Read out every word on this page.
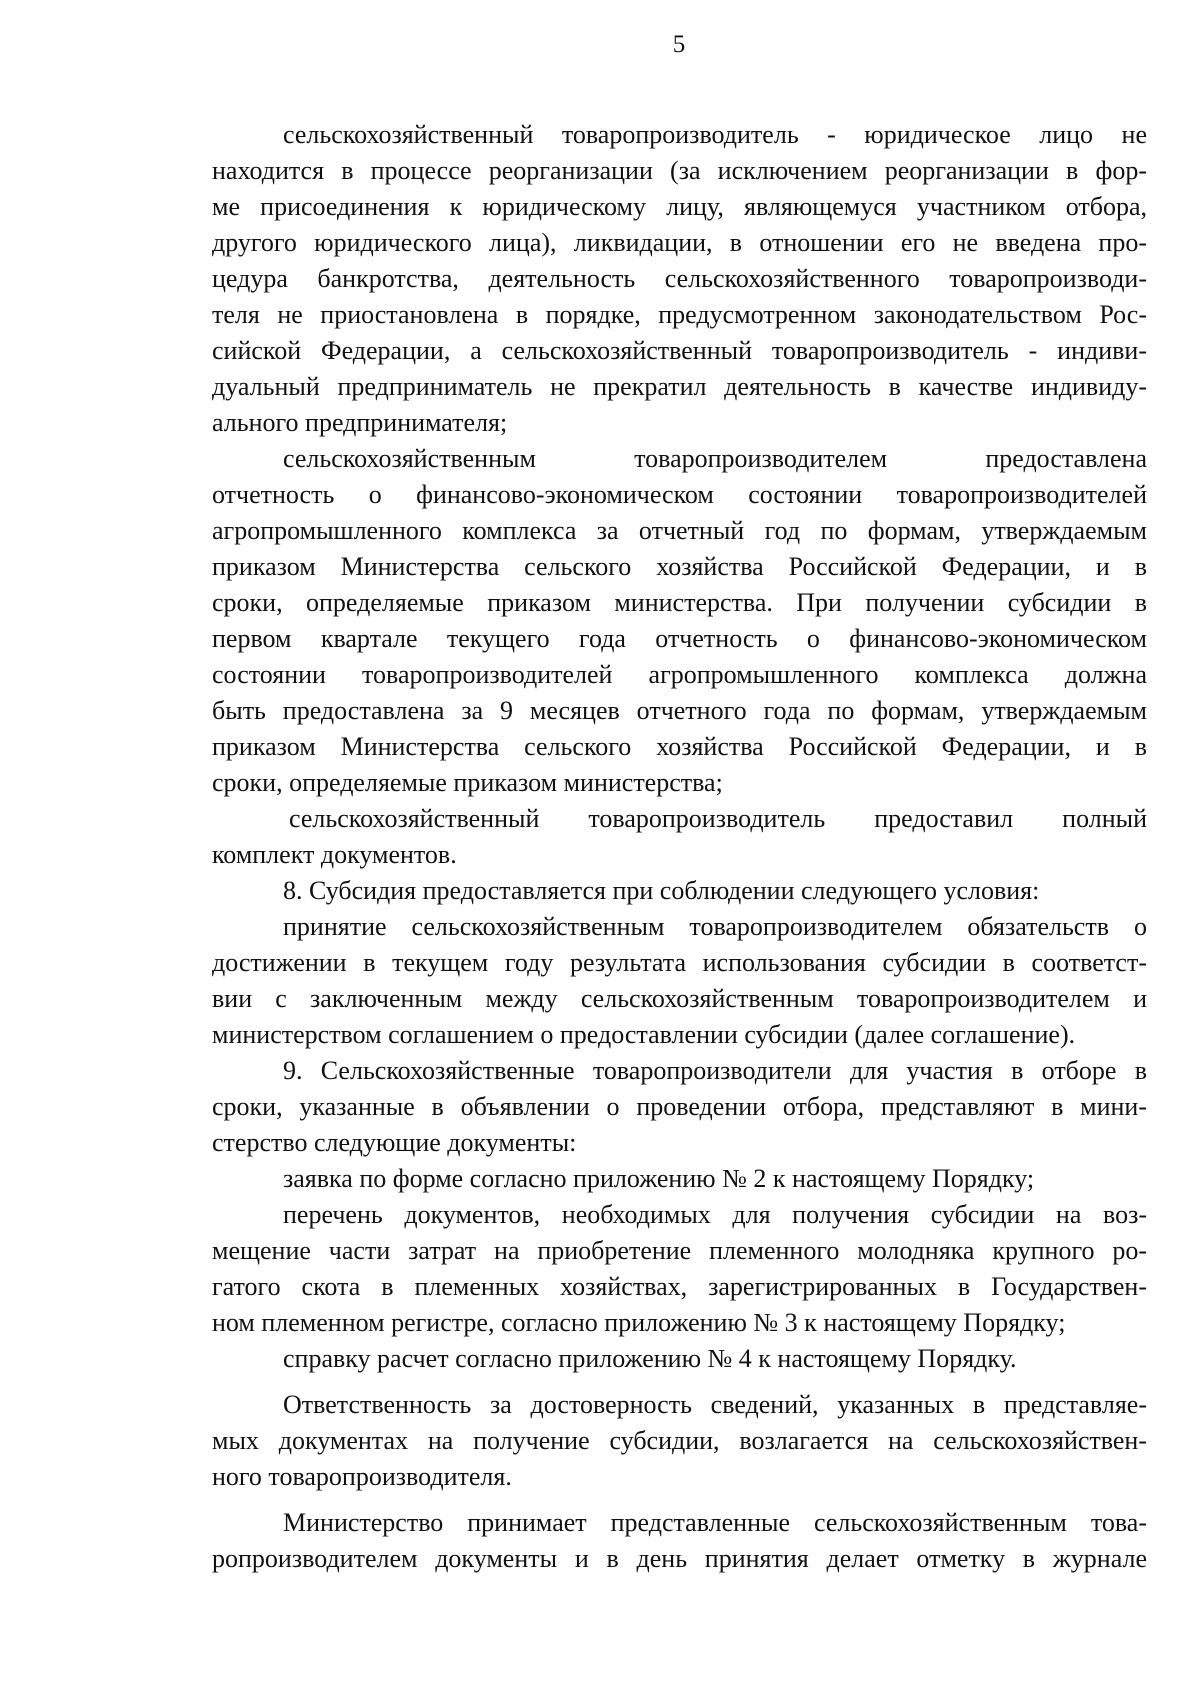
5
сельскохозяйственный товаропроизводитель - юридическое лицо не
находится в процессе реорганизации (за исключением реорганизации в фор-
ме присоединения к юридическому лицу, являющемуся участником отбора,
другого юридического лица), ликвидации, в отношении его не введена про-
цедура банкротства, деятельность сельскохозяйственного товаропроизводи-
теля не приостановлена в порядке, предусмотренном законодательством Рос-
сийской Федерации, а сельскохозяйственный товаропроизводитель - индиви-
дуальный предприниматель не прекратил деятельность в качестве индивиду-
ального предпринимателя;
сельскохозяйственным товаропроизводителем предоставлена
отчетность о финансово-экономическом состоянии товаропроизводителей
агропромышленного комплекса за отчетный год по формам, утверждаемым
приказом Министерства сельского хозяйства Российской Федерации, и в
сроки, определяемые приказом министерства. При получении субсидии в
первом квартале текущего года отчетность о финансово-экономическом
состоянии товаропроизводителей агропромышленного комплекса должна
быть предоставлена за 9 месяцев отчетного года по формам, утверждаемым
приказом Министерства сельского хозяйства Российской Федерации, и в
сроки, определяемые приказом министерства;
сельскохозяйственный товаропроизводитель предоставил полный
комплект документов.
8. Субсидия предоставляется при соблюдении следующего условия:
принятие сельскохозяйственным товаропроизводителем обязательств о
достижении в текущем году результата использования субсидии в соответст-
вии с заключенным между сельскохозяйственным товаропроизводителем и
министерством соглашением о предоставлении субсидии (далее соглашение).
9. Сельскохозяйственные товаропроизводители для участия в отборе в
сроки, указанные в объявлении о проведении отбора, представляют в мини-
стерство следующие документы:
заявка по форме согласно приложению № 2 к настоящему Порядку;
перечень документов, необходимых для получения субсидии на воз-
мещение части затрат на приобретение племенного молодняка крупного ро-
гатого скота в племенных хозяйствах, зарегистрированных в Государствен-
ном племенном регистре, согласно приложению № 3 к настоящему Порядку;
справку расчет согласно приложению № 4 к настоящему Порядку.
Ответственность за достоверность сведений, указанных в представляе-
мых документах на получение субсидии, возлагается на сельскохозяйствен-
ного товаропроизводителя.
Министерство принимает представленные сельскохозяйственным това-
ропроизводителем документы и в день принятия делает отметку в журнале
